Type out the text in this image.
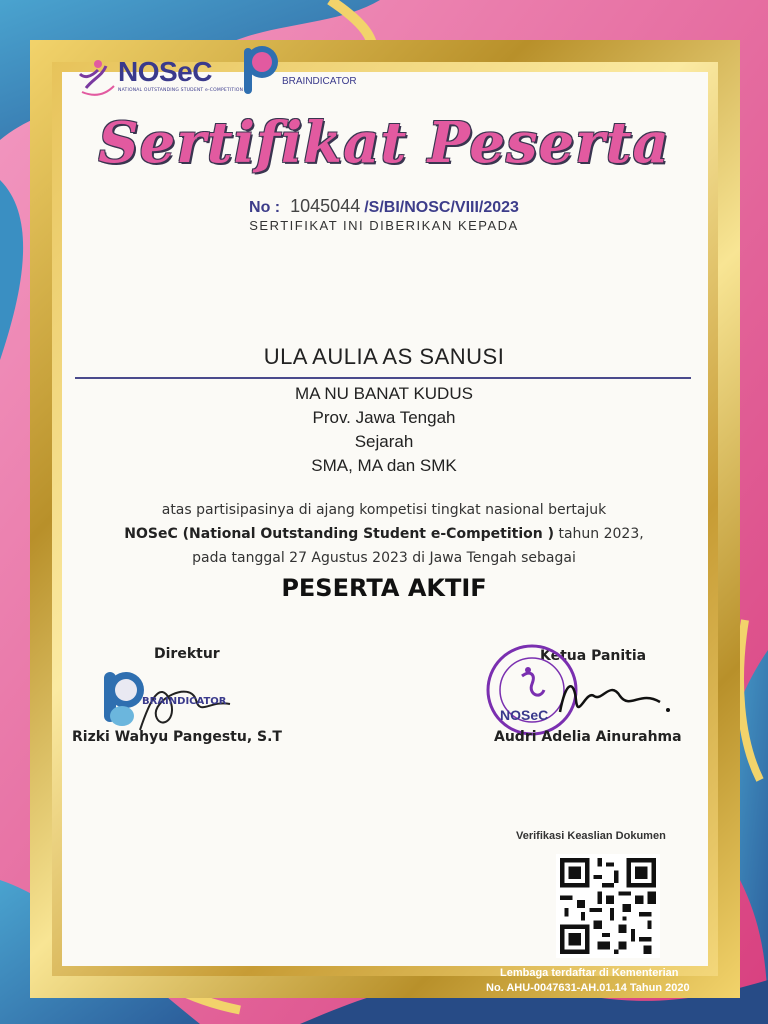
NOSeC
NATIONAL OUTSTANDING STUDENT e-COMPETITION
BRAINDICATOR
Sertifikat Peserta
No : 1045044 /S/BI/NOSC/VIII/2023
SERTIFIKAT INI DIBERIKAN KEPADA
ULA AULIA AS SANUSI
MA NU BANAT KUDUS
Prov. Jawa Tengah
Sejarah
SMA, MA dan SMK
atas partisipasinya di ajang kompetisi tingkat nasional bertajuk
NOSeC (National Outstanding Student e-Competition ) tahun 2023,
pada tanggal 27 Agustus 2023 di Jawa Tengah sebagai
PESERTA AKTIF
Direktur
BRAINDICATOR
Rizki Wahyu Pangestu, S.T
Ketua Panitia
NOSeC
Audri Adelia Ainurahma
Verifikasi Keaslian Dokumen
Lembaga terdaftar di Kementerian
No. AHU-0047631-AH.01.14 Tahun 2020
